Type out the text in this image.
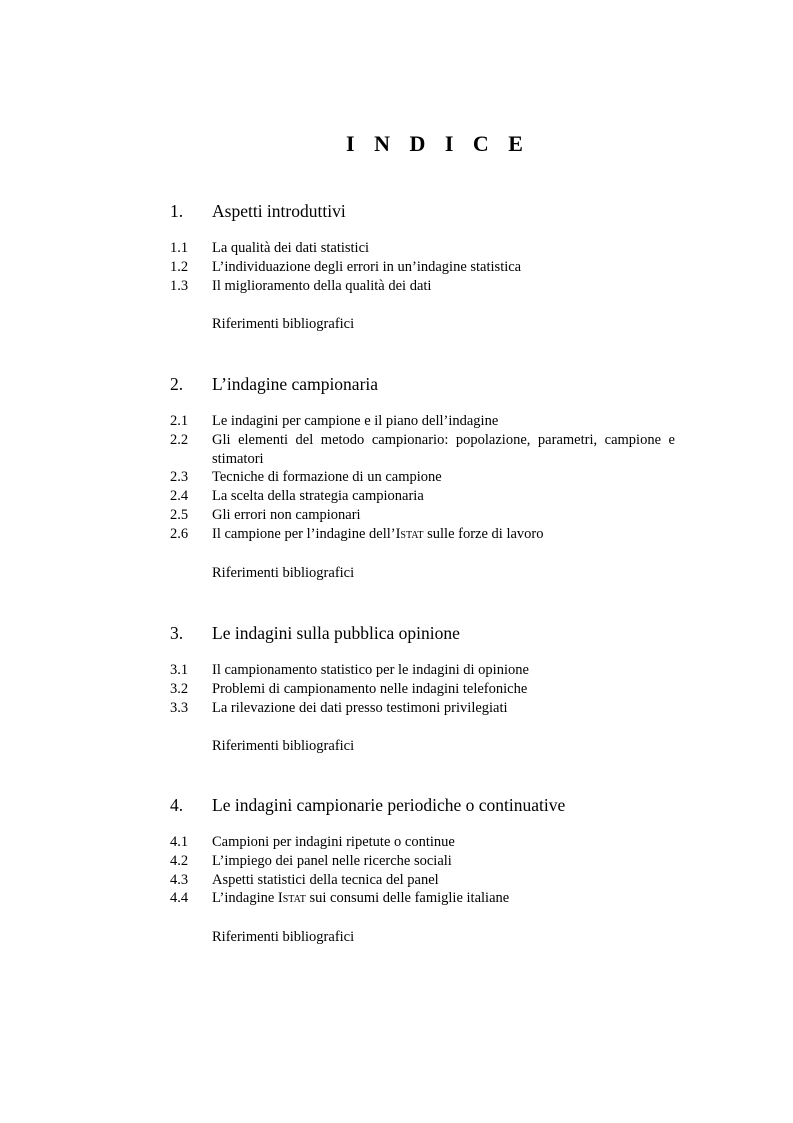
I N D I C E
1. Aspetti introduttivi
1.1 La qualità dei dati statistici
1.2 L’individuazione degli errori in un’indagine statistica
1.3 Il miglioramento della qualità dei dati
Riferimenti bibliografici
2. L’indagine campionaria
2.1 Le indagini per campione e il piano dell’indagine
2.2 Gli elementi del metodo campionario: popolazione, parametri, campione e stimatori
2.3 Tecniche di formazione di un campione
2.4 La scelta della strategia campionaria
2.5 Gli errori non campionari
2.6 Il campione per l’indagine dell’Istat sulle forze di lavoro
Riferimenti bibliografici
3. Le indagini sulla pubblica opinione
3.1 Il campionamento statistico per le indagini di opinione
3.2 Problemi di campionamento nelle indagini telefoniche
3.3 La rilevazione dei dati presso testimoni privilegiati
Riferimenti bibliografici
4. Le indagini campionarie periodiche o continuative
4.1 Campioni per indagini ripetute o continue
4.2 L’impiego dei panel nelle ricerche sociali
4.3 Aspetti statistici della tecnica del panel
4.4 L’indagine Istat sui consumi delle famiglie italiane
Riferimenti bibliografici
